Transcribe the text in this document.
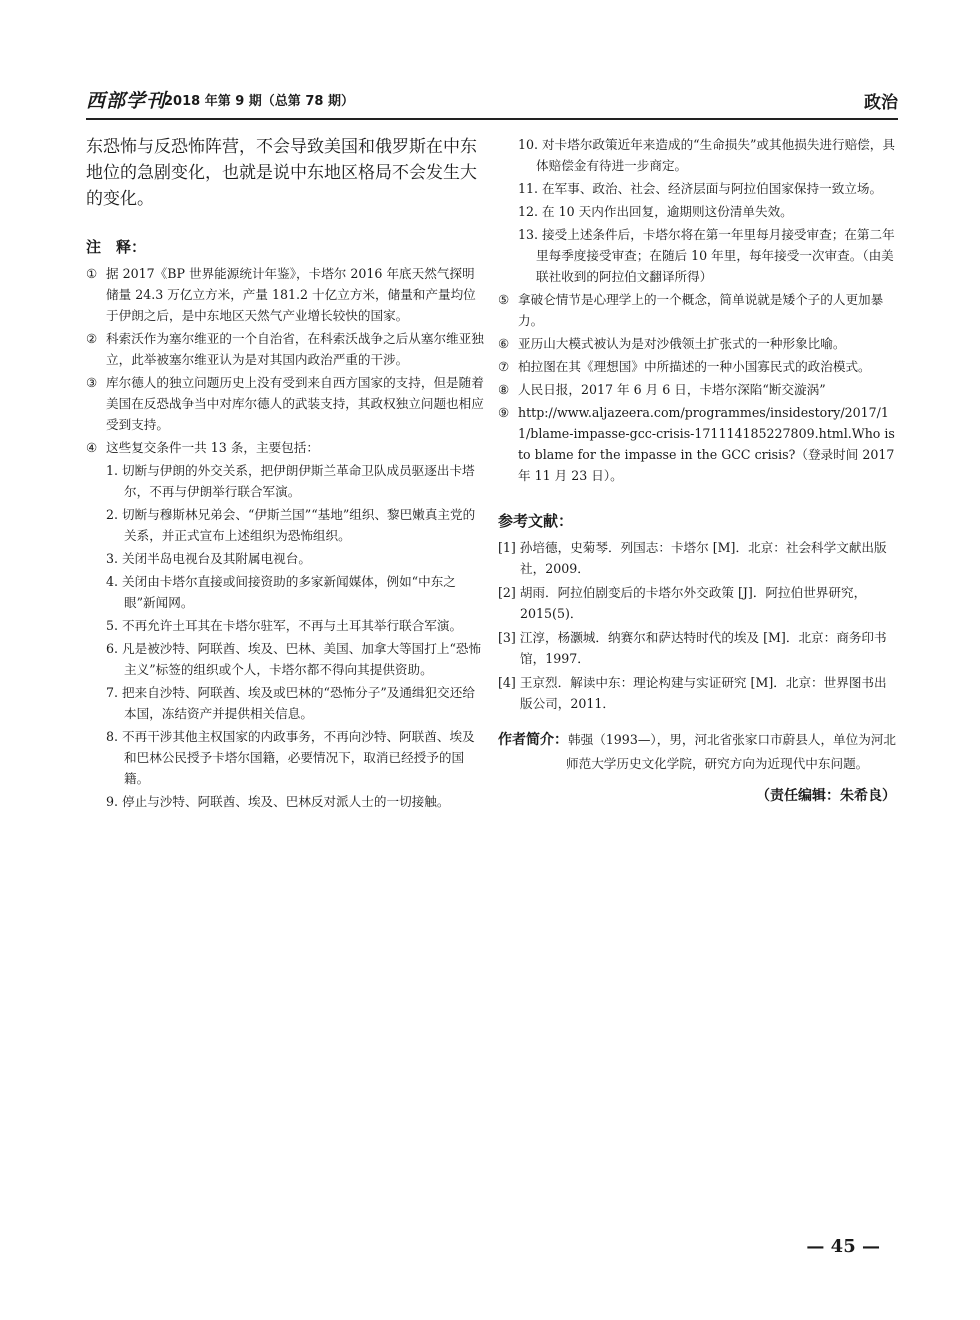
西部学刊
2018 年第 9 期（总第 78 期）	政治

东恐怖与反恐怖阵营，不会导致美国和俄罗斯在中东地位的急剧变化，也就是说中东地区格局不会发生大的变化。

注　释：

① 据 2017《BP 世界能源统计年鉴》，卡塔尔 2016 年底天然气探明储量 24.3 万亿立方米，产量 181.2 十亿立方米，储量和产量均位于伊朗之后，是中东地区天然气产业增长较快的国家。

② 科索沃作为塞尔维亚的一个自治省，在科索沃战争之后从塞尔维亚独立，此举被塞尔维亚认为是对其国内政治严重的干涉。

③ 库尔德人的独立问题历史上没有受到来自西方国家的支持，但是随着美国在反恐战争当中对库尔德人的武装支持，其政权独立问题也相应受到支持。

④ 这些复交条件一共 13 条，主要包括：

1. 切断与伊朗的外交关系，把伊朗伊斯兰革命卫队成员驱逐出卡塔尔，不再与伊朗举行联合军演。

2. 切断与穆斯林兄弟会、“伊斯兰国”“基地”组织、黎巴嫩真主党的关系，并正式宣布上述组织为恐怖组织。

3. 关闭半岛电视台及其附属电视台。

4. 关闭由卡塔尔直接或间接资助的多家新闻媒体，例如“中东之眼”新闻网。

5. 不再允许土耳其在卡塔尔驻军，不再与土耳其举行联合军演。

6. 凡是被沙特、阿联酋、埃及、巴林、美国、加拿大等国打上“恐怖主义”标签的组织或个人，卡塔尔都不得向其提供资助。

7. 把来自沙特、阿联酋、埃及或巴林的“恐怖分子”及通缉犯交还给本国，冻结资产并提供相关信息。

8. 不再干涉其他主权国家的内政事务，不再向沙特、阿联酋、埃及和巴林公民授予卡塔尔国籍，必要情况下，取消已经授予的国籍。

9. 停止与沙特、阿联酋、埃及、巴林反对派人士的一切接触。

10. 对卡塔尔政策近年来造成的“生命损失”或其他损失进行赔偿，具体赔偿金有待进一步商定。

11. 在军事、政治、社会、经济层面与阿拉伯国家保持一致立场。

12. 在 10 天内作出回复，逾期则这份清单失效。

13. 接受上述条件后，卡塔尔将在第一年里每月接受审查；在第二年里每季度接受审查；在随后 10 年里，每年接受一次审查。（由美联社收到的阿拉伯文翻译所得）

⑤ 拿破仑情节是心理学上的一个概念，简单说就是矮个子的人更加暴力。

⑥ 亚历山大模式被认为是对沙俄领土扩张式的一种形象比喻。

⑦ 柏拉图在其《理想国》中所描述的一种小国寡民式的政治模式。

⑧ 人民日报，2017 年 6 月 6 日，卡塔尔深陷“断交漩涡”

⑨ http://www.aljazeera.com/programmes/insidestory/2017/11/blame-impasse-gcc-crisis-171114185227809.html.Who is to blame for the impasse in the GCC crisis?（登录时间 2017 年 11 月 23 日）。

参考文献：

[1] 孙培德，史菊琴．列国志：卡塔尔 [M]．北京：社会科学文献出版社，2009．

[2] 胡雨．阿拉伯剧变后的卡塔尔外交政策 [J]．阿拉伯世界研究，2015(5)．

[3] 江淳，杨灏城．纳赛尔和萨达特时代的埃及 [M]．北京：商务印书馆，1997．

[4] 王京烈．解读中东：理论构建与实证研究 [M]．北京：世界图书出版公司，2011．

作者简介：韩强（1993—），男，河北省张家口市蔚县人，单位为河北师范大学历史文化学院，研究方向为近现代中东问题。
（责任编辑：朱希良）
— 45 —
